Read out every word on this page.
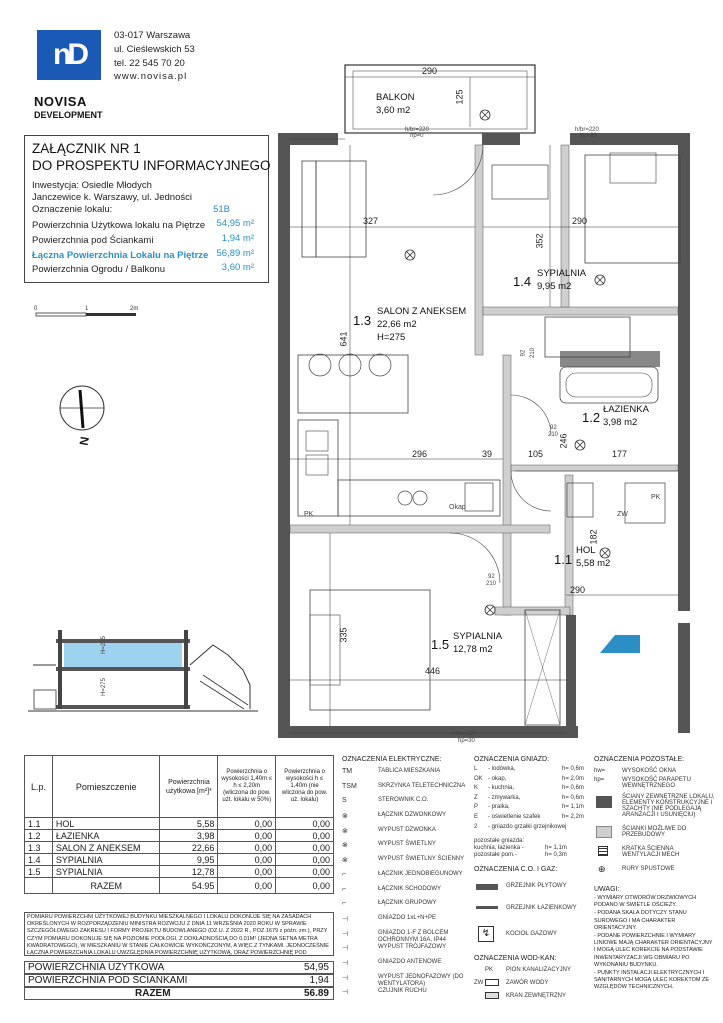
nD
NOVISA
DEVELOPMENT
03-017 Warszawa
ul. Cieślewskich 53
tel. 22 545 70 20
www.novisa.pl
ZAŁĄCZNIK NR 1
DO PROSPEKTU INFORMACYJNEGO
Inwestycja: Osiedle Młodych
Janczewice k. Warszawy, ul. Jedności
Oznaczenie lokalu:	51B
Powierzchnia Użytkowa lokalu na Piętrze	54,95 m²
Powierzchnia pod Ściankami	1,94 m²
Łączna Powierzchnia Lokalu na Piętrze 56,89 m²
Powierzchnia Ogrodu / Balkonu	3,60 m²
0	1	2m
N
H=275
H=275
BALKON
3,60 m2
290
125
h/br=220
hp=0
h/br=220
hp=80
1.3
SALON Z ANEKSEM
22,66 m2
H=275
1.4
SYPIALNIA
9,95 m2
1.2
ŁAZIENKA
3,98 m2
1.1
HOL
5,58 m2
1.5
SYPIALNIA
12,78 m2
327	290
352
641
296	39	105
246
177
182
290
335
446
92 210
92
210
92
210
Okap
PK
PK
ZW
h/br=190
hp=30
L.p.	Pomieszczenie	Powierzchnia użytkowa [m²]*	Powierzchnia o wysokości 1,40m ≤ h ≤ 2,20m (wliczona do pow. użt. lokalu w 50%)	Powierzchnia o wysokości h ≤ 1,40m (nie wliczona do pow. uż. lokalu)
1.1	HOL	5,58	0,00	0,00
1.2	ŁAZIENKA	3,98	0,00	0,00
1.3	SALON Z ANEKSEM	22,66	0,00	0,00
1.4	SYPIALNIA	9,95	0,00	0,00
1.5	SYPIALNIA	12,78	0,00	0,00
	RAZEM	54.95	0,00	0,00
POMIARU POWIERZCHNI UŻYTKOWEJ BUDYNKU MIESZKALNEGO I LOKALU DOKONUJE SIĘ NA ZASADACH OKREŚLONYCH W ROZPORZĄDZENIU MINISTRA ROZWOJU Z DNIA 11 WRZEŚNIA 2020 ROKU W SPRAWIE SZCZEGÓŁOWEGO ZAKRESU I FORMY PROJEKTU BUDOWLANEGO (DZ.U. Z 2022 R., POZ.1679 z późn. zm.), PRZY CZYM POMIARU DOKONUJE SIĘ NA POZIOMIE PODŁOGI, Z DOKŁADNOŚCIĄ DO 0,01M² (JEDNA SETNA METRA KWADRATOWEGO), W MIESZKANIU W STANIE CAŁKOWICIE WYKOŃCZONYM, A WIĘC Z TYNKAMI. JEDNOCZEŚNIE ŁĄCZNA POWIERZCHNIA LOKALU UWZGLĘDNIA POWIERZCHNIĘ UŻYTKOWĄ, ORAZ POWIERZCHNIĘ POD
POWIERZCHNIA UŻYTKOWA	54,95
POWIERZCHNIA POD ŚCIANKAMI	1,94
RAZEM	56.89
OZNACZENIA ELEKTRYCZNE:
TM	TABLICA MIESZKANIA
TSM	SKRZYNKA TELETECHNICZNA
S	STEROWNIK C.O.
⊗	ŁĄCZNIK DZWONKOWY
⊗	WYPUST DZWONKA
⊗	WYPUST ŚWIETLNY
⊗	WYPUST ŚWIETLNY ŚCIENNY
⌐	ŁĄCZNIK JEDNOBIEGUNOWY
⌐	ŁĄCZNIK SCHODOWY
⌐	ŁĄCZNIK GRUPOWY
⊣	GNIAZDO 1xL+N+PE
⊣	GNIAZDO 1-F Z BOLCEM OCHRONNYM 16A, IP44
⊣	WYPUST TRÓJFAZOWY
⊣	GNIAZDO ANTENOWE
⊣	WYPUST JEDNOFAZOWY (DO WENTYLATORA)
⊣	CZUJNIK RUCHU
OZNACZENIA GNIAZD:
L - lodówka,	h= 0,6m
OK - okap,	h= 2,0m
K - kuchnia,	h= 0,6m
Z - zmywarka,	h= 0,6m
P - pralka,	h= 1,1m
E - oświetlenie szafek	h= 2,2m
2 - gniazdo grzałki grzejnikowej
pozostałe gniazda:
kuchnia, łazienka -	h= 1,1m
pozostałe pom.-	h= 0,3m
OZNACZENIA C.O. I GAZ:
GRZEJNIK PŁYTOWY
GRZEJNIK ŁAZIENKOWY
↯	KOCIOŁ GAZOWY
OZNACZENIA WOD-KAN:
PK PION KANALIZACYJNY
ZW	ZAWÓR WODY
KRAN ZEWNĘTRZNY
OZNACZENIA POZOSTAŁE:
hw=	WYSOKOŚĆ OKNA
hp=	WYSOKOŚĆ PARAPETU WEWNĘTRZNEGO
ŚCIANY ZEWNĘTRZNE LOKALU, ELEMENTY KONSTRUKCYJNE I SZACHTY (NIE PODLEGAJĄ ARANŻACJI I USUNIĘCIU)
ŚCIANKI MOŻLIWE DO PRZEBUDOWY
KRATKA ŚCIENNA WENTYLACJI MECH
⊕	RURY SPUSTOWE
UWAGI:
- WYMIARY OTWORÓW DRZWIOWYCH PODANO W ŚWIETLE OŚCIEŻY.
- PODANA SKALA DOTYCZY STANU SUROWEGO I MA CHARAKTER ORIENTACYJNY.
- PODANE POWIERZCHNIE I WYMIARY LINIOWE MAJĄ CHARAKTER ORIENTACYJNY I MOGĄ ULEC KOREKCIE NA PODSTAWIE INWENTARYZACJI WG OBMIARU PO WYKONANIU BUDYNKU.
- PUNKTY INSTALACJI ELEKTRYCZNYCH I SANITARNYCH MOGĄ ULEC KOREKTOM ZE WZGLĘDÓW TECHNICZNYCH.
